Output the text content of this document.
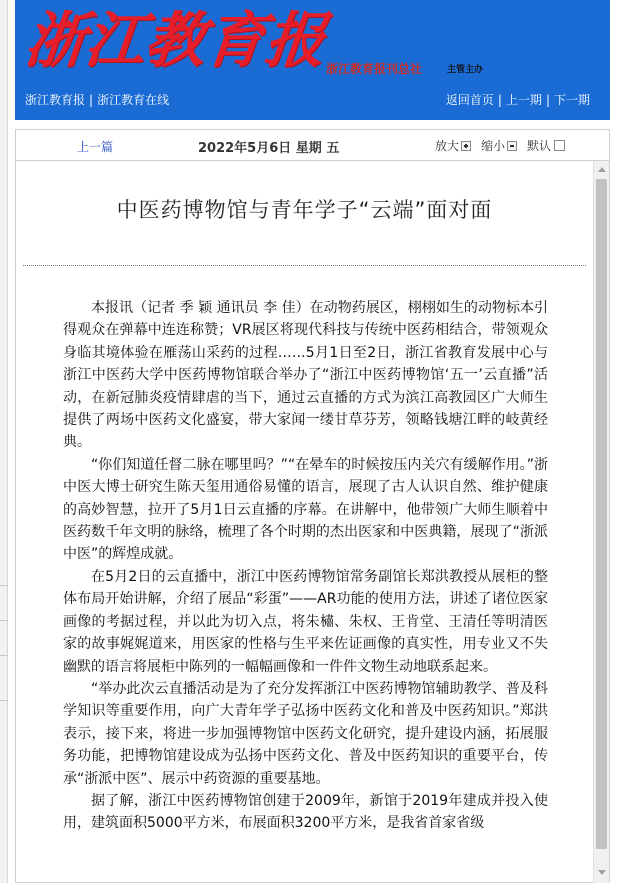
浙江教育报
浙江教育报刊总社	主管主办
浙江教育报 | 浙江教育在线	返回首页 | 上一期 | 下一期
上一篇	2022年5月6日 星期 五	放大 缩小 默认
中医药博物馆与青年学子“云端”面对面

本报讯（记者 季 颖 通讯员 李 佳）在动物药展区，栩栩如生的动物标本引得观众在弹幕中连连称赞；VR展区将现代科技与传统中医药相结合，带领观众身临其境体验在雁荡山采药的过程……5月1日至2日，浙江省教育发展中心与浙江中医药大学中医药博物馆联合举办了“浙江中医药博物馆‘五一’云直播”活动，在新冠肺炎疫情肆虐的当下，通过云直播的方式为滨江高教园区广大师生提供了两场中医药文化盛宴，带大家闻一缕甘草芬芳，领略钱塘江畔的岐黄经典。

“你们知道任督二脉在哪里吗？”“在晕车的时候按压内关穴有缓解作用。”浙中医大博士研究生陈天玺用通俗易懂的语言，展现了古人认识自然、维护健康的高妙智慧，拉开了5月1日云直播的序幕。在讲解中，他带领广大师生顺着中医药数千年文明的脉络，梳理了各个时期的杰出医家和中医典籍，展现了“浙派中医”的辉煌成就。

在5月2日的云直播中，浙江中医药博物馆常务副馆长郑洪教授从展柜的整体布局开始讲解，介绍了展品“彩蛋”——AR功能的使用方法，讲述了诸位医家画像的考据过程，并以此为切入点，将朱橚、朱权、王肯堂、王清任等明清医家的故事娓娓道来，用医家的性格与生平来佐证画像的真实性，用专业又不失幽默的语言将展柜中陈列的一幅幅画像和一件件文物生动地联系起来。

“举办此次云直播活动是为了充分发挥浙江中医药博物馆辅助教学、普及科学知识等重要作用，向广大青年学子弘扬中医药文化和普及中医药知识。”郑洪表示，接下来，将进一步加强博物馆中医药文化研究，提升建设内涵，拓展服务功能，把博物馆建设成为弘扬中医药文化、普及中医药知识的重要平台，传承“浙派中医”、展示中药资源的重要基地。

据了解，浙江中医药博物馆创建于2009年，新馆于2019年建成并投入使用，建筑面积5000平方米，布展面积3200平方米，是我省首家省级
